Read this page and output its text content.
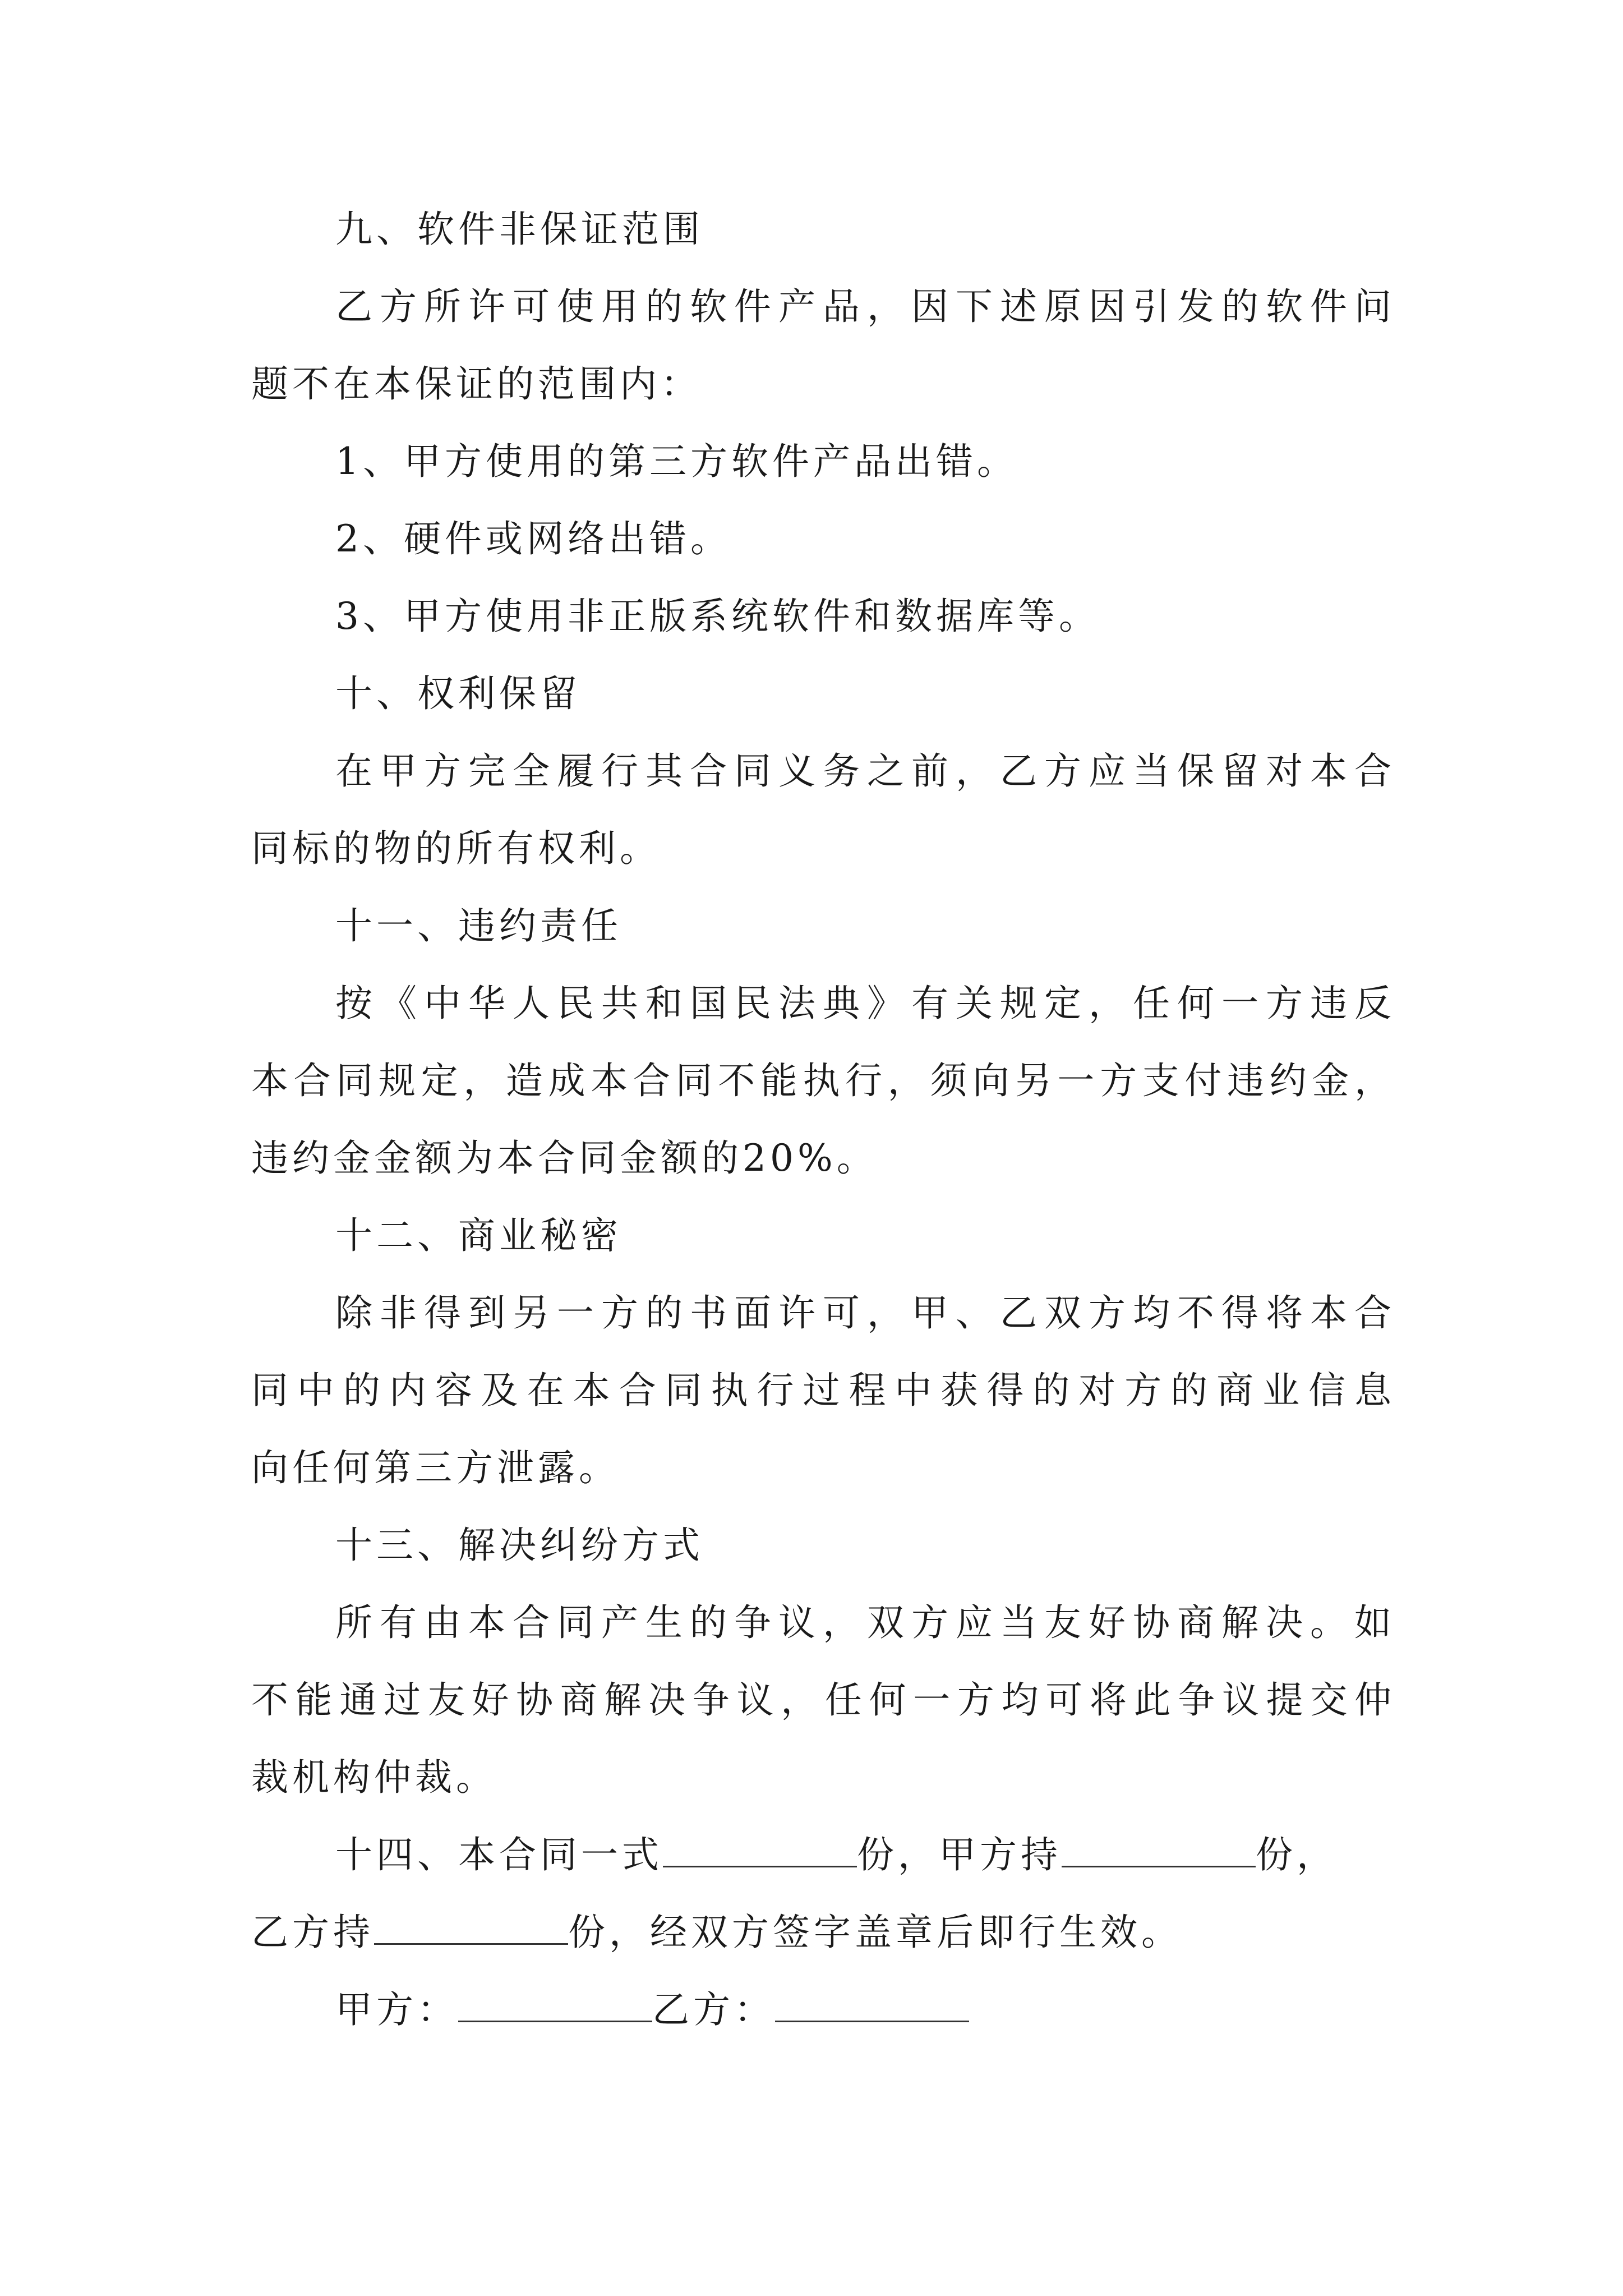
九、软件非保证范围
乙方所许可使用的软件产品，因下述原因引发的软件问
题不在本保证的范围内：
1、甲方使用的第三方软件产品出错。
2、硬件或网络出错。
3、甲方使用非正版系统软件和数据库等。
十、权利保留
在甲方完全履行其合同义务之前，乙方应当保留对本合
同标的物的所有权利。
十一、违约责任
按《中华人民共和国民法典》有关规定，任何一方违反
本合同规定，造成本合同不能执行，须向另一方支付违约金，
违约金金额为本合同金额的20%。
十二、商业秘密
除非得到另一方的书面许可，甲、乙双方均不得将本合
同中的内容及在本合同执行过程中获得的对方的商业信息
向任何第三方泄露。
十三、解决纠纷方式
所有由本合同产生的争议，双方应当友好协商解决。如
不能通过友好协商解决争议，任何一方均可将此争议提交仲
裁机构仲裁。
十四、本合同一式	份，甲方持	份，
乙方持	份，经双方签字盖章后即行生效。
甲方：	乙方：
